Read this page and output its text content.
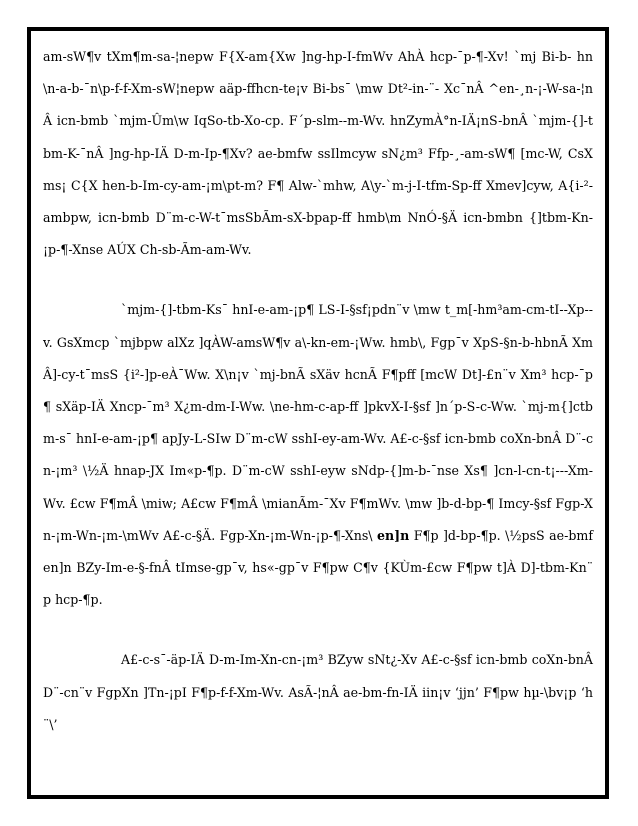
am-sW¶v tXm¶m-sa-¦nepw F{X-am{Xw ]ng-hp-I-fmWv AhÀ hcp-¯p-¶-Xv! `mj Bi-b- hn\n-a-b-¯n\p-f-f-Xm-sW¦nepw aäp-ffhcn-te¡v Bi-bs¯ \mw Dt²-in-¨- Xc¯nÂ ^en-¸n-¡-W-sa-¦nÂ icn-bmb `mjm-Ûm\w IqSo-tb-Xo-cp. F´p-slm--m-Wv. hnZymÀ°n-IÄ¡nS-bnÂ `mjm-{]-tbm-K-¯nÂ ]ng-hp-IÄ D-m-Ip-¶Xv? ae-bmfw ssIlmcyw sN¿m³ Ffp-¸-am-sW¶ [mc-W, CsXms¡ C{X hen-b-Im-cy-am-¡m\pt-m? F¶ Alw-`mhw, A\y-`m-j-I-tfm-Sp-ff Xmev]cyw, A{i-²-ambpw, icn-bmb D¨m-c-W-t¯msSbÃm-sX-bpap-ff hmb\m NnÓ-§Ä icn-bmbn {]tbm-Kn-¡p-¶-Xnse AÚX Ch-sb-Ãm-am-Wv.

`mjm-{]-tbm-Ks¯ hnI-e-am-¡p¶ LS-I-§sf¡pdn¨v \mw t_m[-hm³am-cm-tI--Xp--v. GsXmcp `mjbpw alXz ]qÀW-amsW¶v a\-kn-em-¡Ww. hmb\, Fgp¯v XpS-§n-b-hbnÃ XmÂ]-cy-t¯msS {i²-]p-eÀ¯Ww. X\n¡v `mj-bnÃ sXäv hcnÃ F¶pff [mcW Dt]-£n¨v Xm³ hcp-¯p¶ sXäp-IÄ Xncp-¯m³ X¿m-dm-I-Ww. \ne-hm-c-ap-ff ]pkvX-I-§sf ]n´p-S-c-Ww. `mj-m{]ctbm-s¯ hnI-e-am-¡p¶ apJy-L-SIw D¨m-cW sshI-ey-am-Wv. A£-c-§sf icn-bmb coXn-bnÂ D¨-cn-¡m³ \½Ä hnap-JX Im«p-¶p. D¨m-cW sshI-eyw sNdp-{]m-b-¯nse Xs¶ ]cn-l-cn-t¡---Xm-Wv. £cw F¶mÂ \miw; A£cw F¶mÂ \mianÃm-¯Xv F¶mWv. \mw ]b-d-bp-¶ Imcy-§sf Fgp-Xn-¡m-Wn-¡m-\mWv A£-c-§Ä. Fgp-Xn-¡m-Wn-¡p-¶-Xns\ en]n F¶p ]d-bp-¶p. \½psS ae-bmf en]n BZy-Im-e-§-fnÂ tImse-gp¯v, hs«-gp¯v F¶pw C¶v {KÙm-£cw F¶pw t]À D]-tbm-Kn¨p hcp-¶p.

A£-c-s¯-äp-IÄ D-m-Im-Xn-cn-¡m³ BZyw sNt¿-Xv A£-c-§sf icn-bmb coXn-bnÂ D¨-cn¨v FgpXn ]Tn-¡pI F¶p-f-f-Xm-Wv. AsÃ-¦nÂ ae-bm-fn-IÄ iin¡v ‘jjn’ F¶pw hµ-\bv¡p ‘h¨\’
